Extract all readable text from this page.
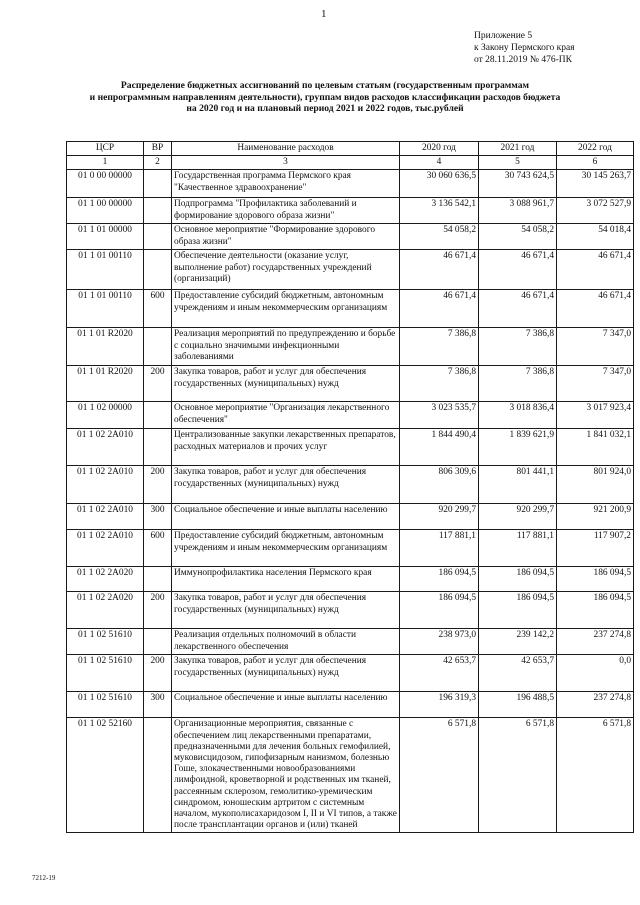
1
Приложение 5
к Закону Пермского края
от 28.11.2019 № 476-ПК
Распределение бюджетных ассигнований по целевым статьям (государственным программам
и непрограммным направлениям деятельности), группам видов расходов классификации расходов бюджета
на 2020 год и на плановый период 2021 и 2022 годов, тыс.рублей
ЦСР	ВР	Наименование расходов	2020 год	2021 год	2022 год
1	2	3	4	5	6
01 0 00 00000		Государственная программа Пермского края "Качественное здравоохранение"	30 060 636,5	30 743 624,5	30 145 263,7
01 1 00 00000		Подпрограмма "Профилактика заболеваний и формирование здорового образа жизни"	3 136 542,1	3 088 961,7	3 072 527,9
01 1 01 00000		Основное мероприятие "Формирование здорового образа жизни"	54 058,2	54 058,2	54 018,4
01 1 01 00110		Обеспечение деятельности (оказание услуг, выполнение работ) государственных учреждений (организаций)	46 671,4	46 671,4	46 671,4
01 1 01 00110	600	Предоставление субсидий бюджетным, автономным учреждениям и иным некоммерческим организациям	46 671,4	46 671,4	46 671,4
01 1 01 R2020		Реализация мероприятий по предупреждению и борьбе с социально значимыми инфекционными заболеваниями	7 386,8	7 386,8	7 347,0
01 1 01 R2020	200	Закупка товаров, работ и услуг для обеспечения государственных (муниципальных) нужд	7 386,8	7 386,8	7 347,0
01 1 02 00000		Основное мероприятие "Организация лекарственного обеспечения"	3 023 535,7	3 018 836,4	3 017 923,4
01 1 02 2A010		Централизованные закупки лекарственных препаратов, расходных материалов и прочих услуг	1 844 490,4	1 839 621,9	1 841 032,1
01 1 02 2A010	200	Закупка товаров, работ и услуг для обеспечения государственных (муниципальных) нужд	806 309,6	801 441,1	801 924,0
01 1 02 2A010	300	Социальное обеспечение и иные выплаты населению	920 299,7	920 299,7	921 200,9
01 1 02 2A010	600	Предоставление субсидий бюджетным, автономным учреждениям и иным некоммерческим организациям	117 881,1	117 881,1	117 907,2
01 1 02 2A020		Иммунопрофилактика населения Пермского края	186 094,5	186 094,5	186 094,5
01 1 02 2A020	200	Закупка товаров, работ и услуг для обеспечения государственных (муниципальных) нужд	186 094,5	186 094,5	186 094,5
01 1 02 51610		Реализация отдельных полномочий в области лекарственного обеспечения	238 973,0	239 142,2	237 274,8
01 1 02 51610	200	Закупка товаров, работ и услуг для обеспечения государственных (муниципальных) нужд	42 653,7	42 653,7	0,0
01 1 02 51610	300	Социальное обеспечение и иные выплаты населению	196 319,3	196 488,5	237 274,8
01 1 02 52160		Организационные мероприятия, связанные с обеспечением лиц лекарственными препаратами, предназначенными для лечения больных гемофилией, муковисцидозом, гипофизарным нанизмом, болезнью Гоше, злокачественными новообразованиями лимфоидной, кроветворной и родственных им тканей, рассеянным склерозом, гемолитико-уремическим синдромом, юношеским артритом с системным началом, мукополисахаридозом I, II и VI типов, а также после трансплантации органов и (или) тканей	6 571,8	6 571,8	6 571,8
7212-19
